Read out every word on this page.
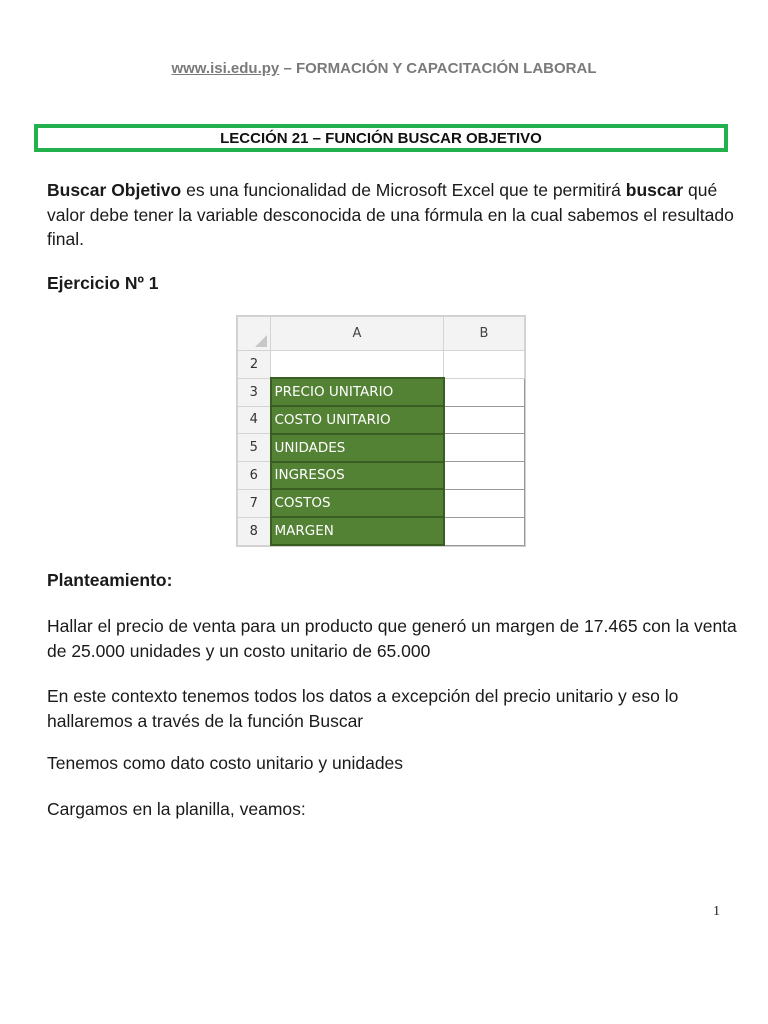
www.isi.edu.py – FORMACIÓN Y CAPACITACIÓN LABORAL
LECCIÓN 21 – FUNCIÓN BUSCAR OBJETIVO
Buscar Objetivo es una funcionalidad de Microsoft Excel que te permitirá buscar qué valor debe tener la variable desconocida de una fórmula en la cual sabemos el resultado final.
Ejercicio Nº 1
	A	B
2		
3	PRECIO UNITARIO	
4	COSTO UNITARIO	
5	UNIDADES	
6	INGRESOS	
7	COSTOS	
8	MARGEN	
Planteamiento:
Hallar el precio de venta para un producto que generó un margen de 17.465 con la venta de 25.000 unidades y un costo unitario de 65.000
En este contexto tenemos todos los datos a excepción del precio unitario y eso lo hallaremos a través de la función Buscar
Tenemos como dato costo unitario y unidades
Cargamos en la planilla, veamos:
1
